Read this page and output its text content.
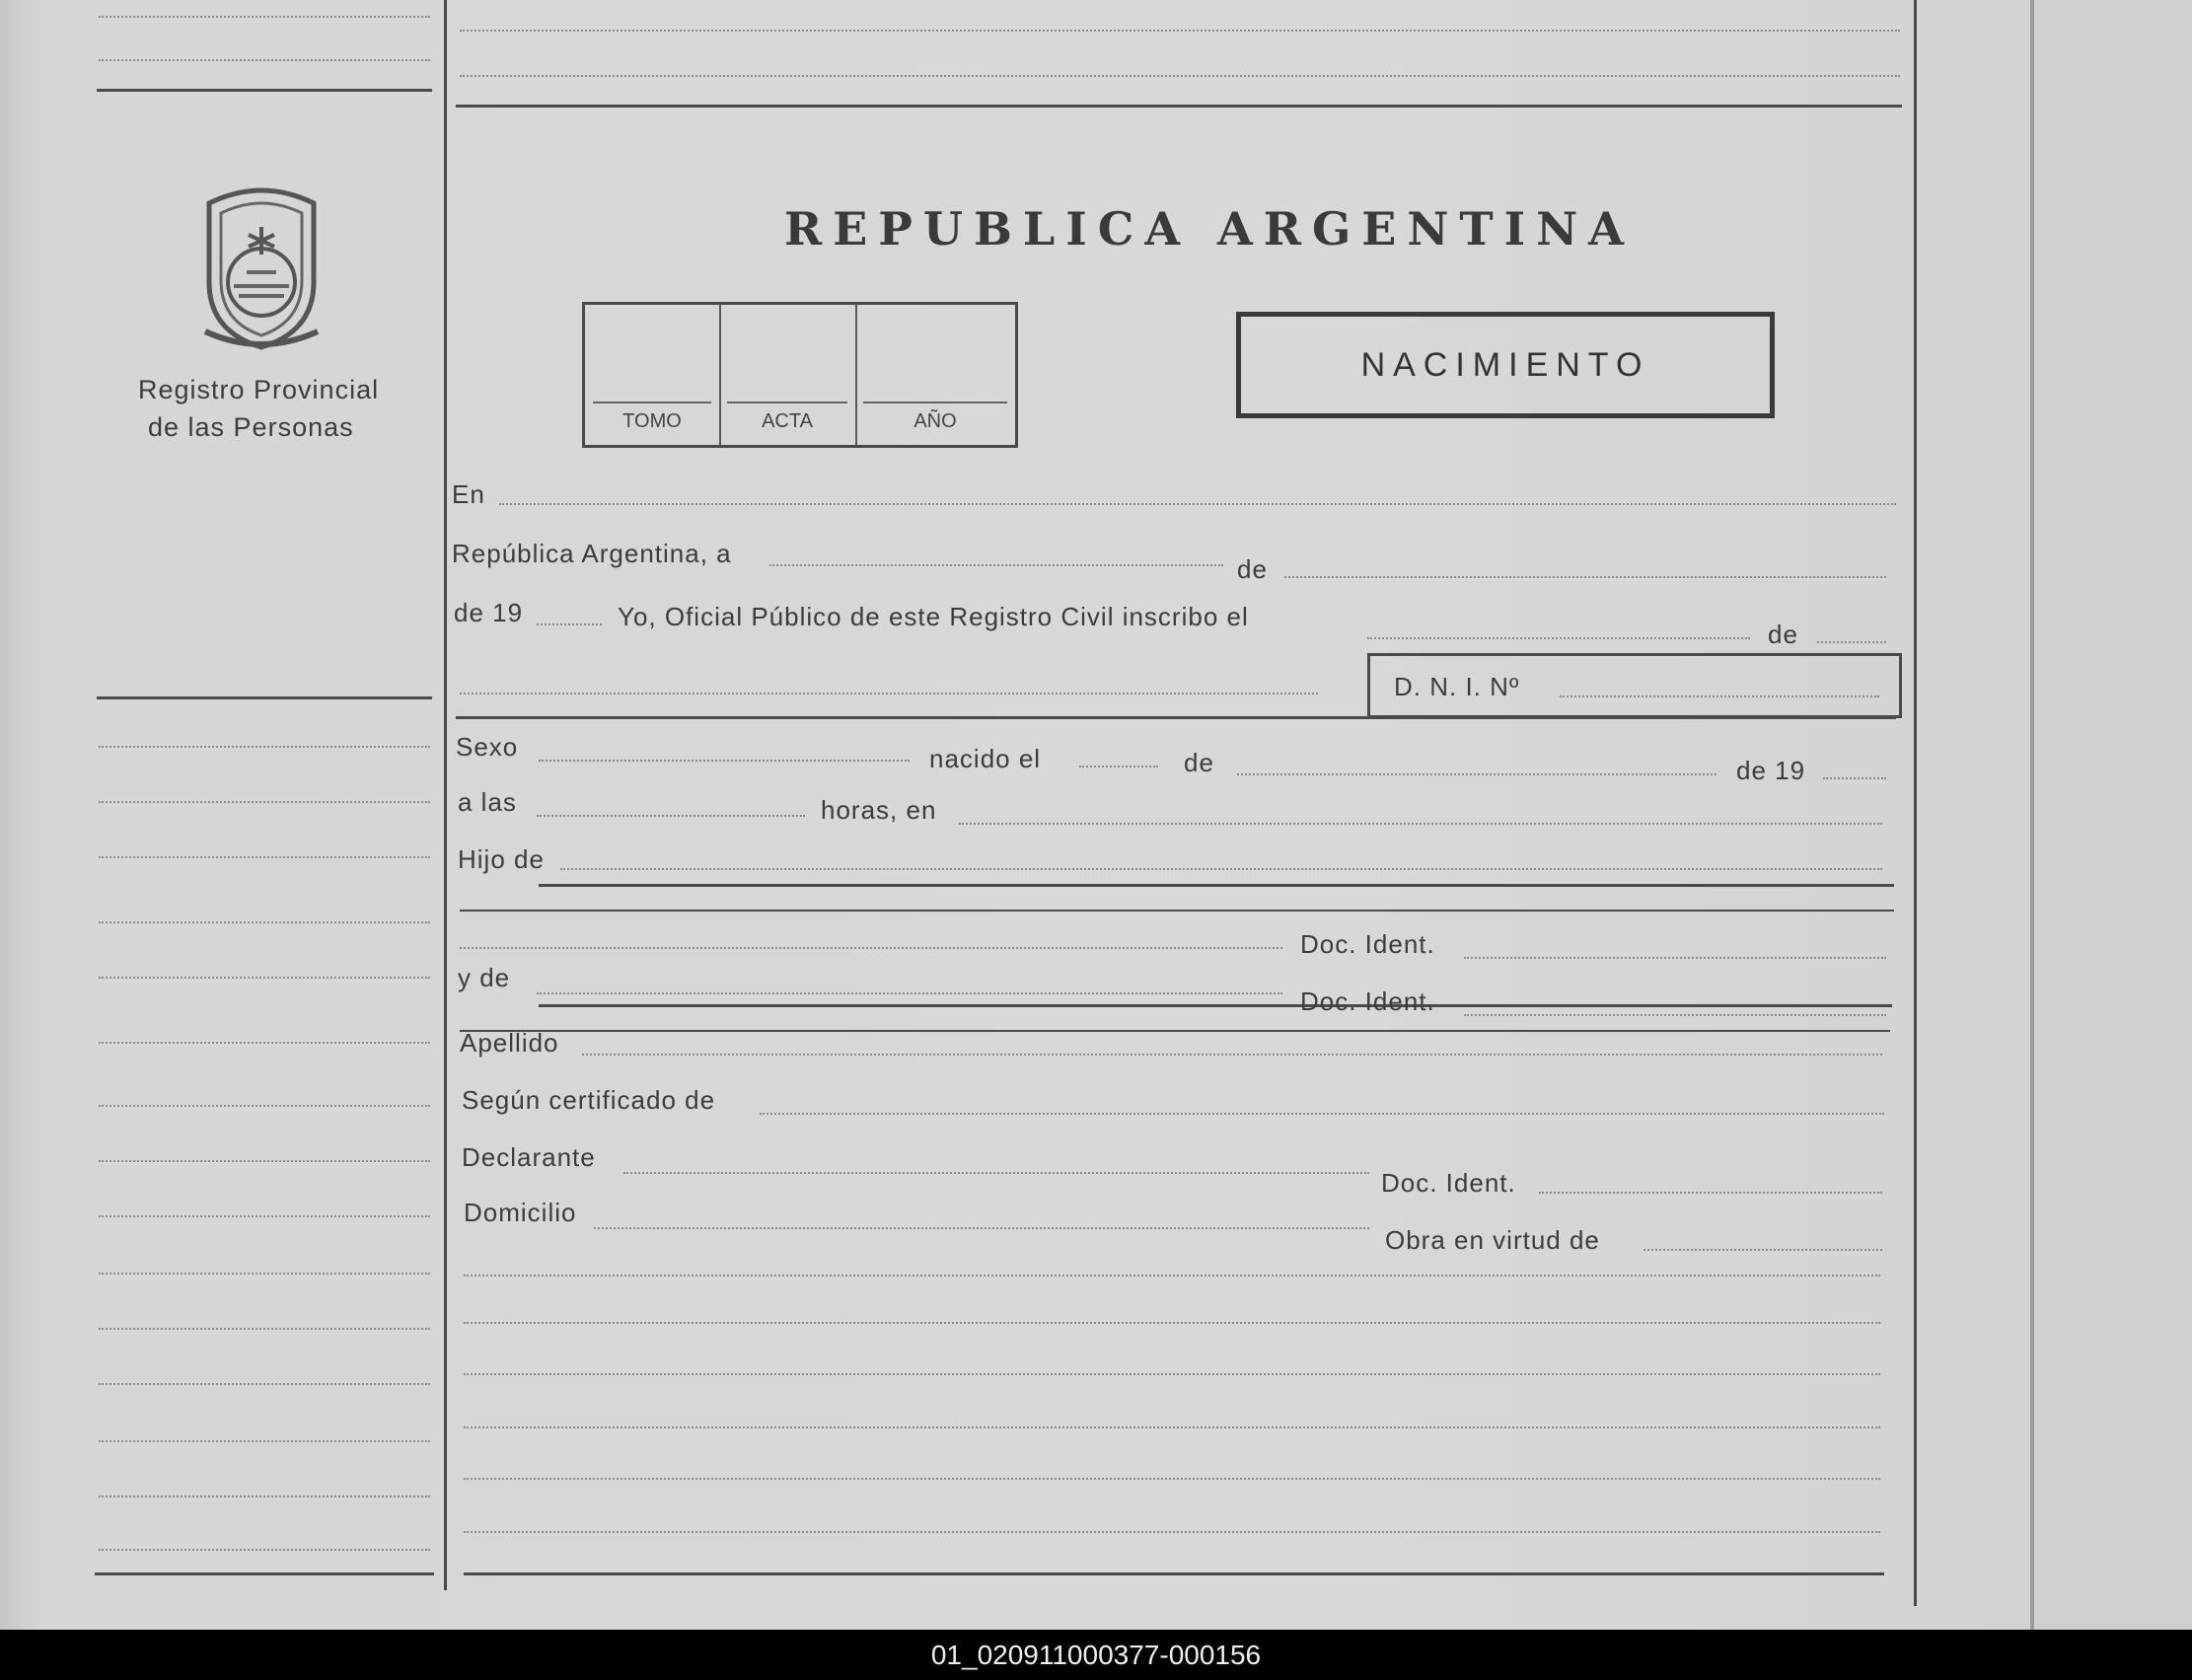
Registro Provincial
de las Personas
REPUBLICA ARGENTINA
TOMO	ACTA	AÑO
NACIMIENTO
En
República Argentina, a
de
de 19	Yo, Oficial Público de este Registro Civil inscribo el
de
D. N. I. Nº
Sexo	nacido el	de	de 19
a las	horas, en
Hijo de
Doc. Ident.
y de
Doc. Ident.
Apellido
Según certificado de
Declarante
Doc. Ident.
Domicilio
Obra en virtud de
01_020911000377-000156
